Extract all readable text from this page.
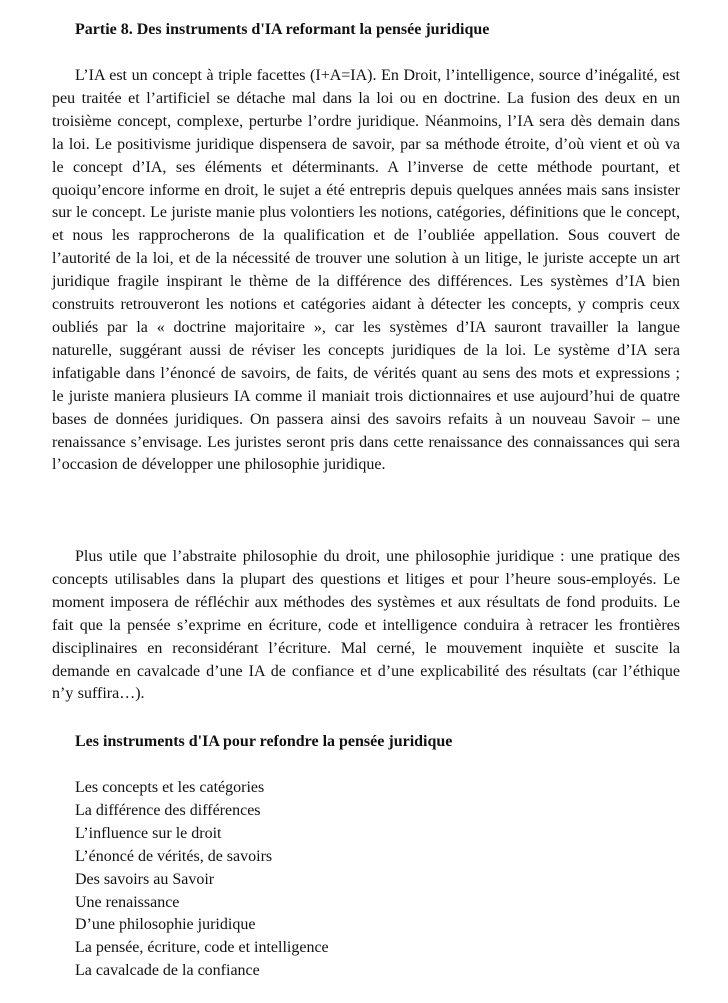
Partie 8. Des instruments d'IA reformant la pensée juridique

L’IA est un concept à triple facettes (I+A=IA). En Droit, l’intelligence, source d’inégalité, est peu traitée et l’artificiel se détache mal dans la loi ou en doctrine. La fusion des deux en un troisième concept, complexe, perturbe l’ordre juridique. Néanmoins, l’IA sera dès demain dans la loi. Le positivisme juridique dispensera de savoir, par sa méthode étroite, d’où vient et où va le concept d’IA, ses éléments et déterminants. A l’inverse de cette méthode pourtant, et quoiqu’encore informe en droit, le sujet a été entrepris depuis quelques années mais sans insister sur le concept. Le juriste manie plus volontiers les notions, catégories, définitions que le concept, et nous les rapprocherons de la qualification et de l’oubliée appellation. Sous couvert de l’autorité de la loi, et de la nécessité de trouver une solution à un litige, le juriste accepte un art juridique fragile inspirant le thème de la différence des différences. Les systèmes d’IA bien construits retrouveront les notions et catégories aidant à détecter les concepts, y compris ceux oubliés par la « doctrine majoritaire », car les systèmes d’IA sauront travailler la langue naturelle, suggérant aussi de réviser les concepts juridiques de la loi. Le système d’IA sera infatigable dans l’énoncé de savoirs, de faits, de vérités quant au sens des mots et expressions ; le juriste maniera plusieurs IA comme il maniait trois dictionnaires et use aujourd’hui de quatre bases de données juridiques. On passera ainsi des savoirs refaits à un nouveau Savoir – une renaissance s’envisage. Les juristes seront pris dans cette renaissance des connaissances qui sera l’occasion de développer une philosophie juridique.

Plus utile que l’abstraite philosophie du droit, une philosophie juridique : une pratique des concepts utilisables dans la plupart des questions et litiges et pour l’heure sous-employés. Le moment imposera de réfléchir aux méthodes des systèmes et aux résultats de fond produits. Le fait que la pensée s’exprime en écriture, code et intelligence conduira à retracer les frontières disciplinaires en reconsidérant l’écriture. Mal cerné, le mouvement inquiète et suscite la demande en cavalcade d’une IA de confiance et d’une explicabilité des résultats (car l’éthique n’y suffira…).

Les instruments d'IA pour refondre la pensée juridique
Les concepts et les catégories
La différence des différences
L’influence sur le droit
L’énoncé de vérités, de savoirs
Des savoirs au Savoir
Une renaissance
D’une philosophie juridique
La pensée, écriture, code et intelligence
La cavalcade de la confiance
